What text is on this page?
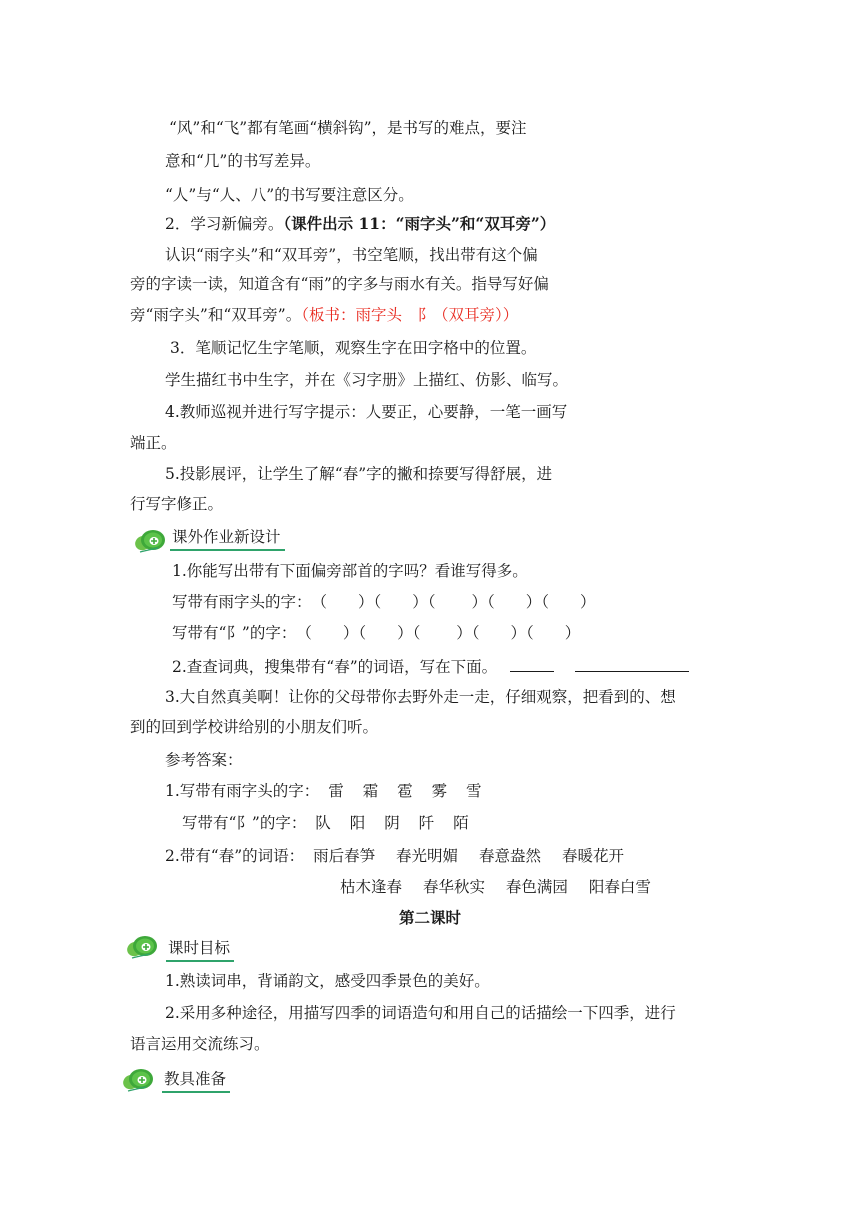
“风”和“飞”都有笔画“横斜钩”，是书写的难点，要注
意和“几”的书写差异。
“人”与“人、八”的书写要注意区分。
2．学习新偏旁。（课件出示 11：“雨字头”和“双耳旁”）
认识“雨字头”和“双耳旁”，书空笔顺，找出带有这个偏
旁的字读一读，知道含有“雨”的字多与雨水有关。指导写好偏
旁“雨字头”和“双耳旁”。（板书：雨字头　阝（双耳旁））
3．笔顺记忆生字笔顺，观察生字在田字格中的位置。
学生描红书中生字，并在《习字册》上描红、仿影、临写。
4.教师巡视并进行写字提示：人要正，心要静，一笔一画写
端正。
5.投影展评，让学生了解“春”字的撇和捺要写得舒展，进
行写字修正。
课外作业新设计
1.你能写出带有下面偏旁部首的字吗？看谁写得多。
写带有雨字头的字：（　　）（　　）（　　 ）（　　）（　　）
写带有“阝”的字：（　　）（　　）（　　 ）（　　）（　　）
2.查查词典，搜集带有“春”的词语，写在下面。
3.大自然真美啊！让你的父母带你去野外走一走，仔细观察，把看到的、想
到的回到学校讲给别的小朋友们听。
参考答案：
1.写带有雨字头的字： 雷 霜 雹 雾 雪
写带有“阝”的字： 队 阳 阴 阡 陌
2.带有“春”的词语： 雨后春笋 春光明媚 春意盎然 春暖花开
枯木逢春 春华秋实 春色满园 阳春白雪
第二课时
课时目标
1.熟读词串，背诵韵文，感受四季景色的美好。
2.采用多种途径，用描写四季的词语造句和用自己的话描绘一下四季，进行
语言运用交流练习。
教具准备
